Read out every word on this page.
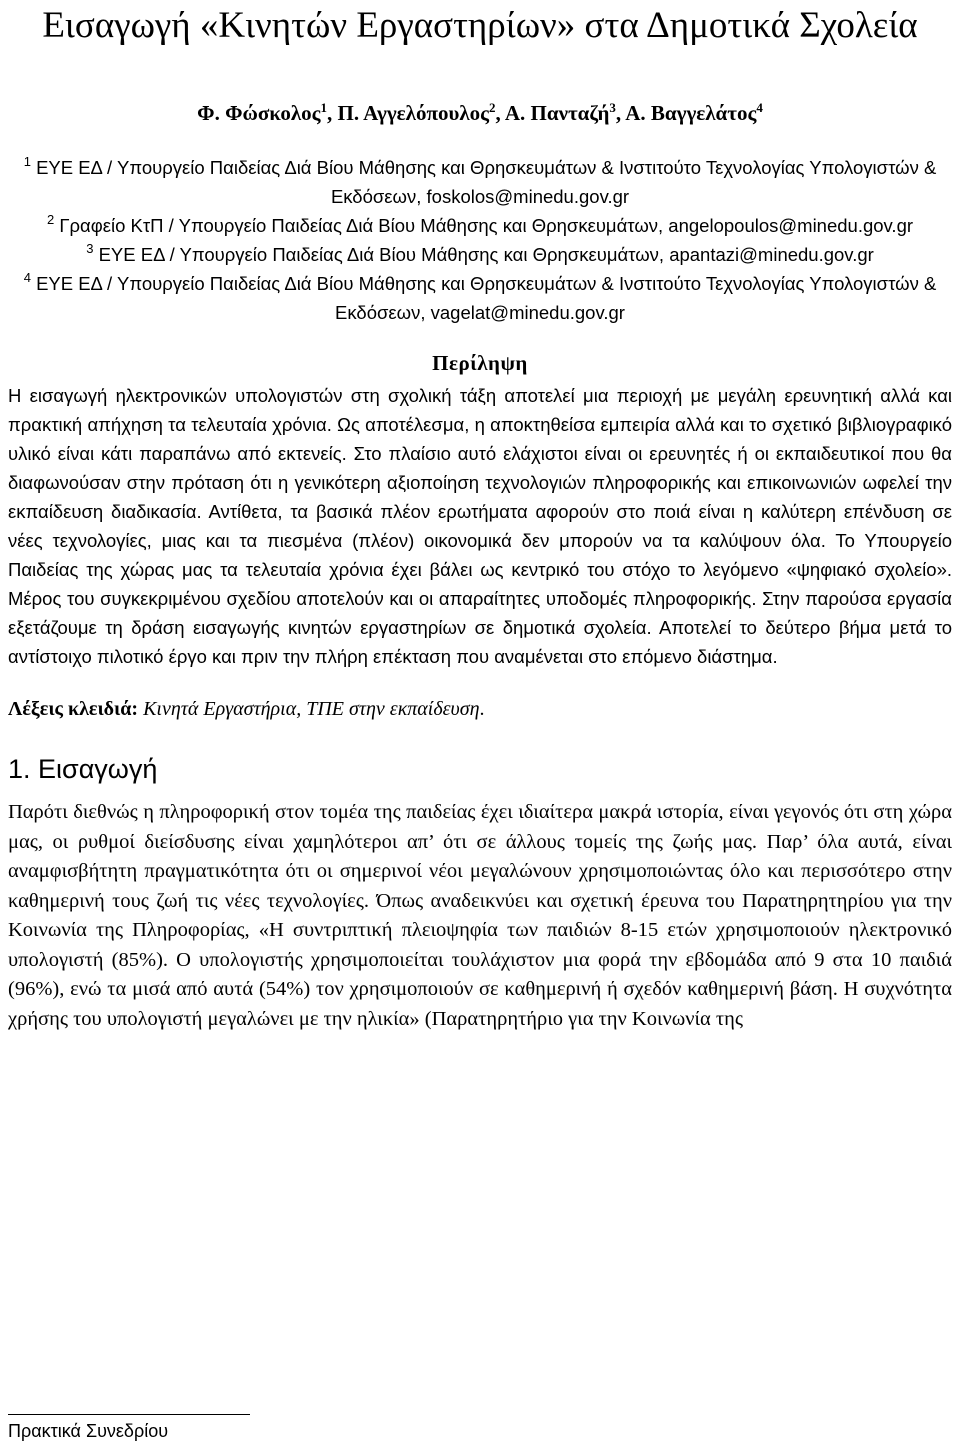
Εισαγωγή «Κινητών Εργαστηρίων» στα Δημοτικά Σχολεία
Φ. Φώσκολος$^1$, Π. Αγγελόπουλος$^2$, Α. Πανταζή$^3$, Α. Βαγγελάτος$^4$

$^1$ ΕΥΕ ΕΔ / Υπουργείο Παιδείας Διά Βίου Μάθησης και Θρησκευμάτων & Ινστιτούτο Τεχνολογίας Υπολογιστών & Εκδόσεων, foskolos@minedu.gov.gr

$^2$ Γραφείο ΚτΠ / Υπουργείο Παιδείας Διά Βίου Μάθησης και Θρησκευμάτων, angelopoulos@minedu.gov.gr

$^3$ ΕΥΕ ΕΔ / Υπουργείο Παιδείας Διά Βίου Μάθησης και Θρησκευμάτων, apantazi@minedu.gov.gr

$^4$ ΕΥΕ ΕΔ / Υπουργείο Παιδείας Διά Βίου Μάθησης και Θρησκευμάτων & Ινστιτούτο Τεχνολογίας Υπολογιστών & Εκδόσεων, vagelat@minedu.gov.gr

Περίληψη
Η εισαγωγή ηλεκτρονικών υπολογιστών στη σχολική τάξη αποτελεί μια περιοχή με μεγάλη ερευνητική αλλά και πρακτική απήχηση τα τελευταία χρόνια. Ως αποτέλεσμα, η αποκτηθείσα εμπειρία αλλά και το σχετικό βιβλιογραφικό υλικό είναι κάτι παραπάνω από εκτενείς. Στο πλαίσιο αυτό ελάχιστοι είναι οι ερευνητές ή οι εκπαιδευτικοί που θα διαφωνούσαν στην πρόταση ότι η γενικότερη αξιοποίηση τεχνολογιών πληροφορικής και επικοινωνιών ωφελεί την εκπαίδευση διαδικασία. Αντίθετα, τα βασικά πλέον ερωτήματα αφορούν στο ποιά είναι η καλύτερη επένδυση σε νέες τεχνολογίες, μιας και τα πιεσμένα (πλέον) οικονομικά δεν μπορούν να τα καλύψουν όλα. Το Υπουργείο Παιδείας της χώρας μας τα τελευταία χρόνια έχει βάλει ως κεντρικό του στόχο το λεγόμενο «ψηφιακό σχολείο». Μέρος του συγκεκριμένου σχεδίου αποτελούν και οι απαραίτητες υποδομές πληροφορικής. Στην παρούσα εργασία εξετάζουμε τη δράση εισαγωγής κινητών εργαστηρίων σε δημοτικά σχολεία. Αποτελεί το δεύτερο βήμα μετά το αντίστοιχο πιλοτικό έργο και πριν την πλήρη επέκταση που αναμένεται στο επόμενο διάστημα.
Λέξεις κλειδιά: Κινητά Εργαστήρια, ΤΠΕ στην εκπαίδευση.
1. Εισαγωγή
Παρότι διεθνώς η πληροφορική στον τομέα της παιδείας έχει ιδιαίτερα μακρά ιστορία, είναι γεγονός ότι στη χώρα μας, οι ρυθμοί διείσδυσης είναι χαμηλότεροι απ’ ότι σε άλλους τομείς της ζωής μας. Παρ’ όλα αυτά, είναι αναμφισβήτητη πραγματικότητα ότι οι σημερινοί νέοι μεγαλώνουν χρησιμοποιώντας όλο και περισσότερο στην καθημερινή τους ζωή τις νέες τεχνολογίες. Όπως αναδεικνύει και σχετική έρευνα του Παρατηρητηρίου για την Κοινωνία της Πληροφορίας, «Η συντριπτική πλειοψηφία των παιδιών 8-15 ετών χρησιμοποιούν ηλεκτρονικό υπολογιστή (85%). Ο υπολογιστής χρησιμοποιείται τουλάχιστον μια φορά την εβδομάδα από 9 στα 10 παιδιά (96%), ενώ τα μισά από αυτά (54%) τον χρησιμοποιούν σε καθημερινή ή σχεδόν καθημερινή βάση. Η συχνότητα χρήσης του υπολογιστή μεγαλώνει με την ηλικία» (Παρατηρητήριο για την Κοινωνία της
Πρακτικά Συνεδρίου
